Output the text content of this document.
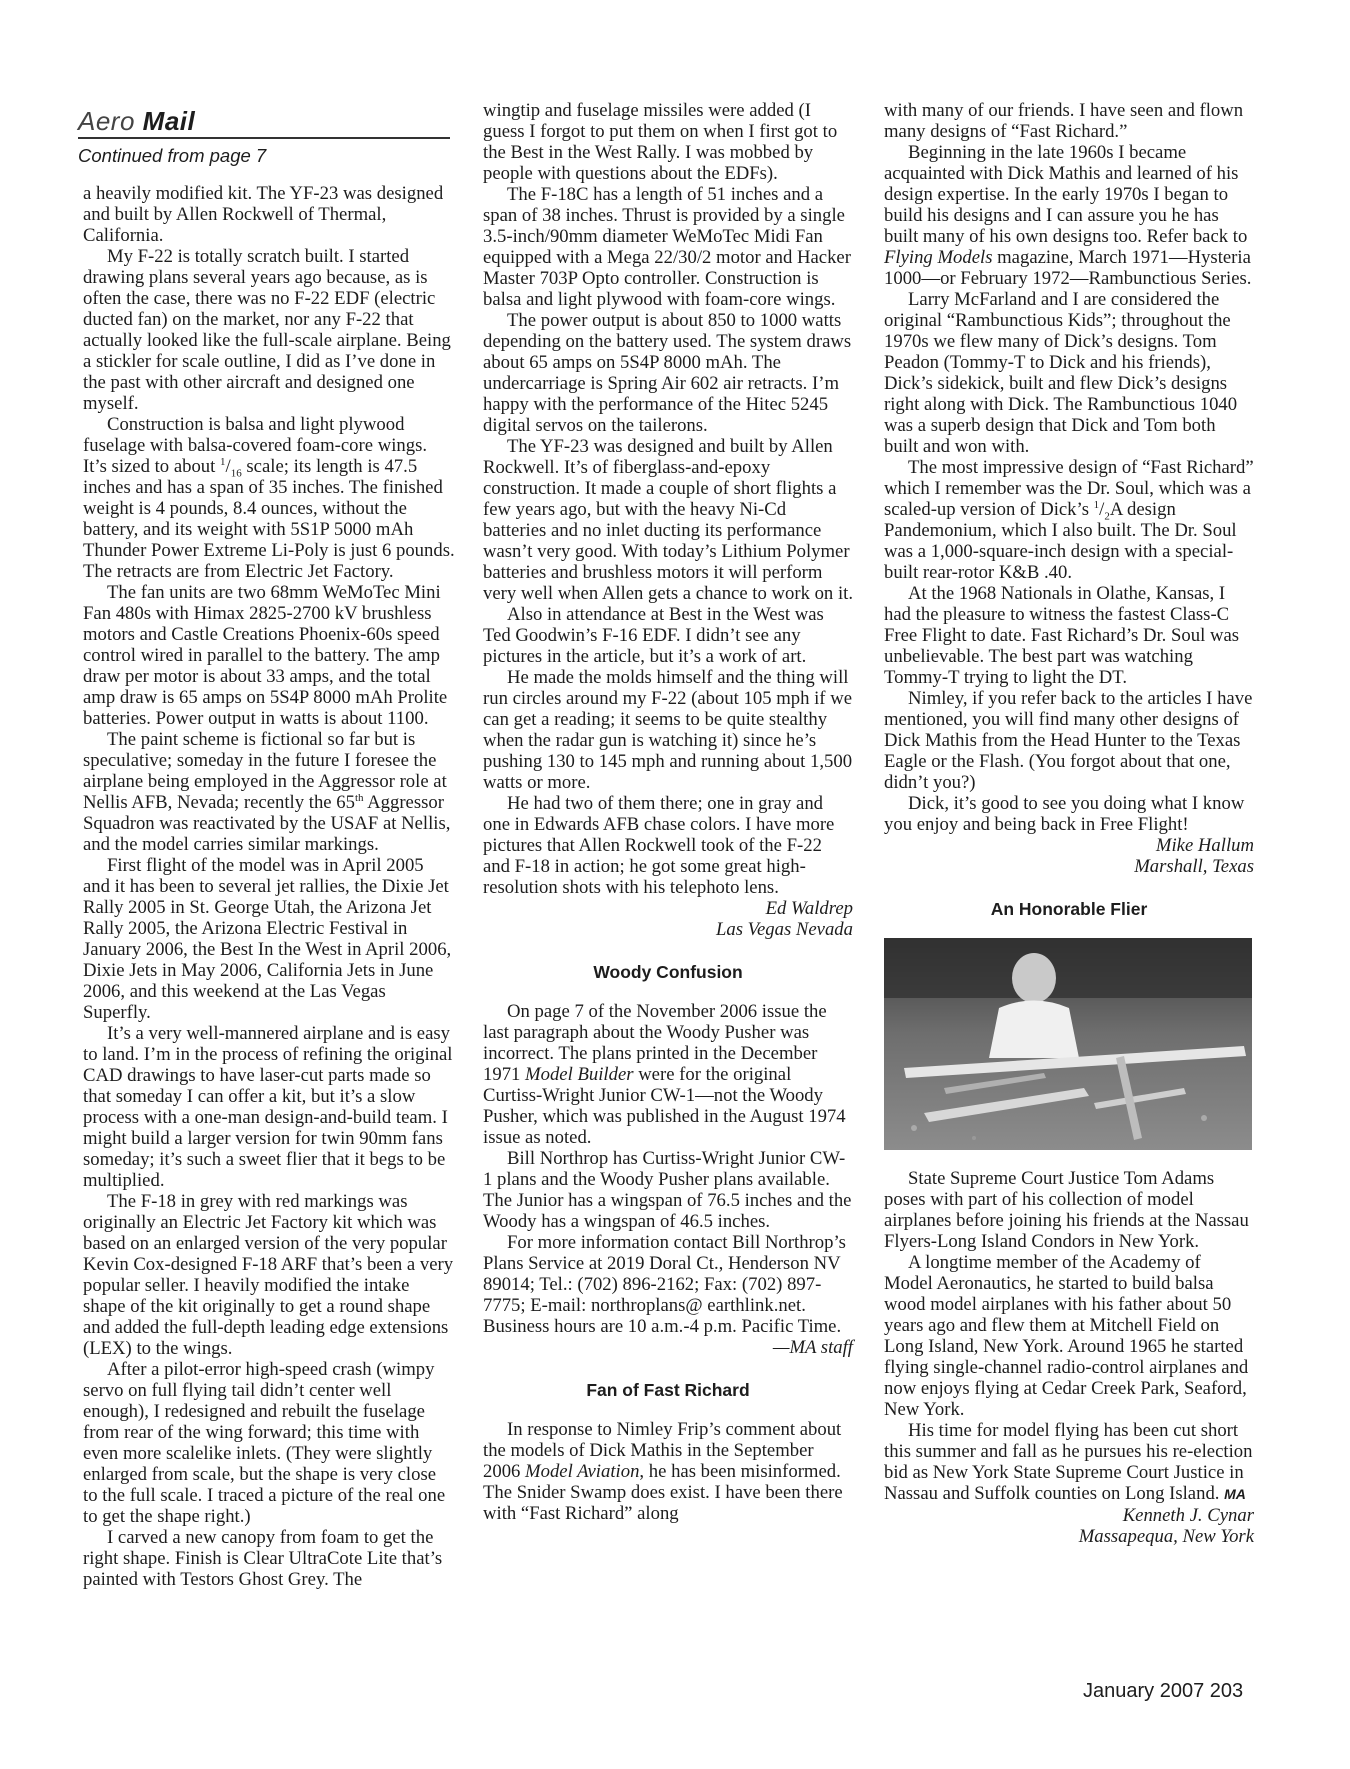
Aero Mail
Continued from page 7

a heavily modified kit. The YF-23 was designed and built by Allen Rockwell of Thermal, California.

My F-22 is totally scratch built. I started drawing plans several years ago because, as is often the case, there was no F-22 EDF (electric ducted fan) on the market, nor any F-22 that actually looked like the full-scale airplane. Being a stickler for scale outline, I did as I’ve done in the past with other aircraft and designed one myself.

Construction is balsa and light plywood fuselage with balsa-covered foam-core wings. It’s sized to about $^1/_{16}$ scale; its length is 47.5 inches and has a span of 35 inches. The finished weight is 4 pounds, 8.4 ounces, without the battery, and its weight with 5S1P 5000 mAh Thunder Power Extreme Li-Poly is just 6 pounds. The retracts are from Electric Jet Factory.

The fan units are two 68mm WeMoTec Mini Fan 480s with Himax 2825-2700 kV brushless motors and Castle Creations Phoenix-60s speed control wired in parallel to the battery. The amp draw per motor is about 33 amps, and the total amp draw is 65 amps on 5S4P 8000 mAh Prolite batteries. Power output in watts is about 1100.

The paint scheme is fictional so far but is speculative; someday in the future I foresee the airplane being employed in the Aggressor role at Nellis AFB, Nevada; recently the 65th Aggressor Squadron was reactivated by the USAF at Nellis, and the model carries similar markings.

First flight of the model was in April 2005 and it has been to several jet rallies, the Dixie Jet Rally 2005 in St. George Utah, the Arizona Jet Rally 2005, the Arizona Electric Festival in January 2006, the Best In the West in April 2006, Dixie Jets in May 2006, California Jets in June 2006, and this weekend at the Las Vegas Superfly.

It’s a very well-mannered airplane and is easy to land. I’m in the process of refining the original CAD drawings to have laser-cut parts made so that someday I can offer a kit, but it’s a slow process with a one-man design-and-build team. I might build a larger version for twin 90mm fans someday; it’s such a sweet flier that it begs to be multiplied.

The F-18 in grey with red markings was originally an Electric Jet Factory kit which was based on an enlarged version of the very popular Kevin Cox-designed F-18 ARF that’s been a very popular seller. I heavily modified the intake shape of the kit originally to get a round shape and added the full-depth leading edge extensions (LEX) to the wings.

After a pilot-error high-speed crash (wimpy servo on full flying tail didn’t center well enough), I redesigned and rebuilt the fuselage from rear of the wing forward; this time with even more scalelike inlets. (They were slightly enlarged from scale, but the shape is very close to the full scale. I traced a picture of the real one to get the shape right.)

I carved a new canopy from foam to get the right shape. Finish is Clear UltraCote Lite that’s painted with Testors Ghost Grey. The

wingtip and fuselage missiles were added (I guess I forgot to put them on when I first got to the Best in the West Rally. I was mobbed by people with questions about the EDFs).

The F-18C has a length of 51 inches and a span of 38 inches. Thrust is provided by a single 3.5-inch/90mm diameter WeMoTec Midi Fan equipped with a Mega 22/30/2 motor and Hacker Master 703P Opto controller. Construction is balsa and light plywood with foam-core wings.

The power output is about 850 to 1000 watts depending on the battery used. The system draws about 65 amps on 5S4P 8000 mAh. The undercarriage is Spring Air 602 air retracts. I’m happy with the performance of the Hitec 5245 digital servos on the tailerons.

The YF-23 was designed and built by Allen Rockwell. It’s of fiberglass-and-epoxy construction. It made a couple of short flights a few years ago, but with the heavy Ni-Cd batteries and no inlet ducting its performance wasn’t very good. With today’s Lithium Polymer batteries and brushless motors it will perform very well when Allen gets a chance to work on it.

Also in attendance at Best in the West was Ted Goodwin’s F-16 EDF. I didn’t see any pictures in the article, but it’s a work of art.

He made the molds himself and the thing will run circles around my F-22 (about 105 mph if we can get a reading; it seems to be quite stealthy when the radar gun is watching it) since he’s pushing 130 to 145 mph and running about 1,500 watts or more.

He had two of them there; one in gray and one in Edwards AFB chase colors. I have more pictures that Allen Rockwell took of the F-22 and F-18 in action; he got some great high-resolution shots with his telephoto lens.

Ed Waldrep
Las Vegas Nevada

Woody Confusion

On page 7 of the November 2006 issue the last paragraph about the Woody Pusher was incorrect. The plans printed in the December 1971 Model Builder were for the original Curtiss-Wright Junior CW-1—not the Woody Pusher, which was published in the August 1974 issue as noted.

Bill Northrop has Curtiss-Wright Junior CW-1 plans and the Woody Pusher plans available. The Junior has a wingspan of 76.5 inches and the Woody has a wingspan of 46.5 inches.

For more information contact Bill Northrop’s Plans Service at 2019 Doral Ct., Henderson NV 89014; Tel.: (702) 896-2162; Fax: (702) 897-7775; E-mail: northroplans@ earthlink.net. Business hours are 10 a.m.-4 p.m. Pacific Time.

—MA staff

Fan of Fast Richard

In response to Nimley Frip’s comment about the models of Dick Mathis in the September 2006 Model Aviation, he has been misinformed. The Snider Swamp does exist. I have been there with “Fast Richard” along

with many of our friends. I have seen and flown many designs of “Fast Richard.”

Beginning in the late 1960s I became acquainted with Dick Mathis and learned of his design expertise. In the early 1970s I began to build his designs and I can assure you he has built many of his own designs too. Refer back to Flying Models magazine, March 1971—Hysteria 1000—or February 1972—Rambunctious Series.

Larry McFarland and I are considered the original “Rambunctious Kids”; throughout the 1970s we flew many of Dick’s designs. Tom Peadon (Tommy-T to Dick and his friends), Dick’s sidekick, built and flew Dick’s designs right along with Dick. The Rambunctious 1040 was a superb design that Dick and Tom both built and won with.

The most impressive design of “Fast Richard” which I remember was the Dr. Soul, which was a scaled-up version of Dick’s $^1/_2A$ design Pandemonium, which I also built. The Dr. Soul was a 1,000-square-inch design with a special-built rear-rotor K&B .40.

At the 1968 Nationals in Olathe, Kansas, I had the pleasure to witness the fastest Class-C Free Flight to date. Fast Richard’s Dr. Soul was unbelievable. The best part was watching Tommy-T trying to light the DT.

Nimley, if you refer back to the articles I have mentioned, you will find many other designs of Dick Mathis from the Head Hunter to the Texas Eagle or the Flash. (You forgot about that one, didn’t you?)

Dick, it’s good to see you doing what I know you enjoy and being back in Free Flight!

Mike Hallum
Marshall, Texas

An Honorable Flier

State Supreme Court Justice Tom Adams poses with part of his collection of model airplanes before joining his friends at the Nassau Flyers-Long Island Condors in New York.

A longtime member of the Academy of Model Aeronautics, he started to build balsa wood model airplanes with his father about 50 years ago and flew them at Mitchell Field on Long Island, New York. Around 1965 he started flying single-channel radio-control airplanes and now enjoys flying at Cedar Creek Park, Seaford, New York.

His time for model flying has been cut short this summer and fall as he pursues his re-election bid as New York State Supreme Court Justice in Nassau and Suffolk counties on Long Island. MA

Kenneth J. Cynar
Massapequa, New York

January 2007 203
